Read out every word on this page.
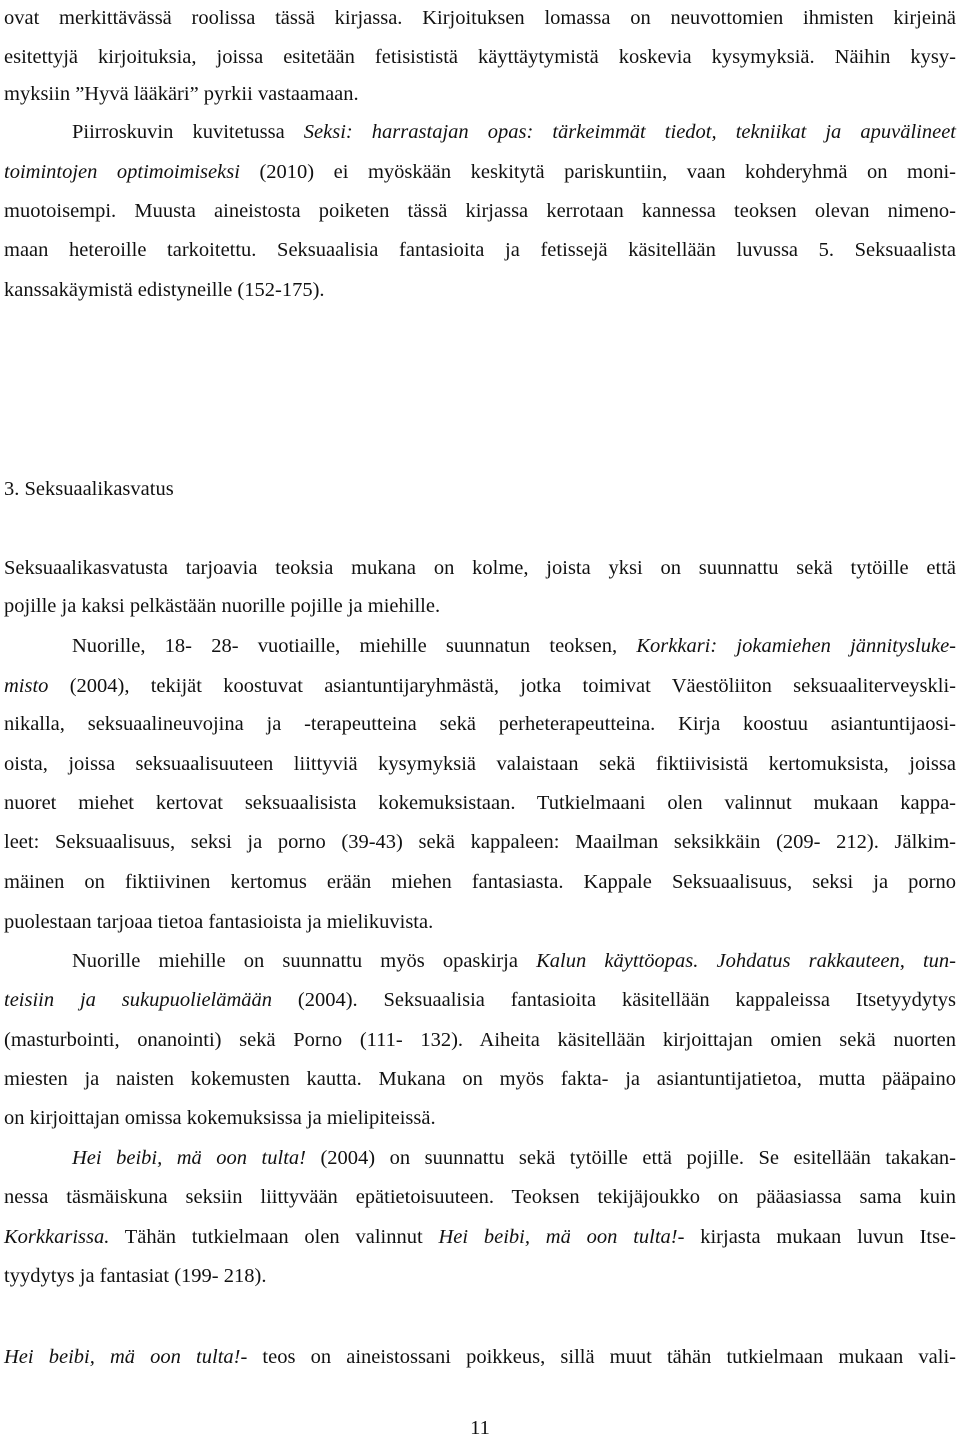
ovat merkittävässä roolissa tässä kirjassa. Kirjoituksen lomassa on neuvottomien ihmisten kirjeinä
esitettyjä kirjoituksia, joissa esitetään fetisististä käyttäytymistä koskevia kysymyksiä. Näihin kysy-
myksiin ”Hyvä lääkäri” pyrkii vastaamaan.
Piirroskuvin kuvitetussa Seksi: harrastajan opas: tärkeimmät tiedot, tekniikat ja apuvälineet
toimintojen optimoimiseksi (2010) ei myöskään keskitytä pariskuntiin, vaan kohderyhmä on moni-
muotoisempi. Muusta aineistosta poiketen tässä kirjassa kerrotaan kannessa teoksen olevan nimeno-
maan heteroille tarkoitettu. Seksuaalisia fantasioita ja fetissejä käsitellään luvussa 5. Seksuaalista
kanssakäymistä edistyneille (152-175).
3. Seksuaalikasvatus
Seksuaalikasvatusta tarjoavia teoksia mukana on kolme, joista yksi on suunnattu sekä tytöille että
pojille ja kaksi pelkästään nuorille pojille ja miehille.
Nuorille, 18- 28- vuotiaille, miehille suunnatun teoksen, Korkkari: jokamiehen jännityslukе-
misto (2004), tekijät koostuvat asiantuntijaryhmästä, jotka toimivat Väestöliiton seksuaaliterveyskli-
nikalla, seksuaalineuvojina ja -terapeutteina sekä perheterapeutteina. Kirja koostuu asiantuntijaosi-
oista, joissa seksuaalisuuteen liittyviä kysymyksiä valaistaan sekä fiktiivisistä kertomuksista, joissa
nuoret miehet kertovat seksuaalisista kokemuksistaan. Tutkielmaani olen valinnut mukaan kappa-
leet: Seksuaalisuus, seksi ja porno (39-43) sekä kappaleen: Maailman seksikkäin (209- 212). Jälkim-
mäinen on fiktiivinen kertomus erään miehen fantasiasta. Kappale Seksuaalisuus, seksi ja porno
puolestaan tarjoaa tietoa fantasioista ja mielikuvista.
Nuorille miehille on suunnattu myös opaskirja Kalun käyttöopas. Johdatus rakkauteen, tun-
teisiin ja sukupuolielämään (2004). Seksuaalisia fantasioita käsitellään kappaleissa Itsetyydytys
(masturbointi, onanointi) sekä Porno (111- 132). Aiheita käsitellään kirjoittajan omien sekä nuorten
miesten ja naisten kokemusten kautta. Mukana on myös fakta- ja asiantuntijatietoa, mutta pääpaino
on kirjoittajan omissa kokemuksissa ja mielipiteissä.
Hei beibi, mä oon tulta! (2004) on suunnattu sekä tytöille että pojille. Se esitellään takakan-
nessa täsmäiskuna seksiin liittyvään epätietoisuuteen. Teoksen tekijäjoukko on pääasiassa sama kuin
Korkkarissa. Tähän tutkielmaan olen valinnut Hei beibi, mä oon tulta!- kirjasta mukaan luvun Itse-
tyydytys ja fantasiat (199- 218).
Hei beibi, mä oon tulta!- teos on aineistossani poikkeus, sillä muut tähän tutkielmaan mukaan vali-
11
